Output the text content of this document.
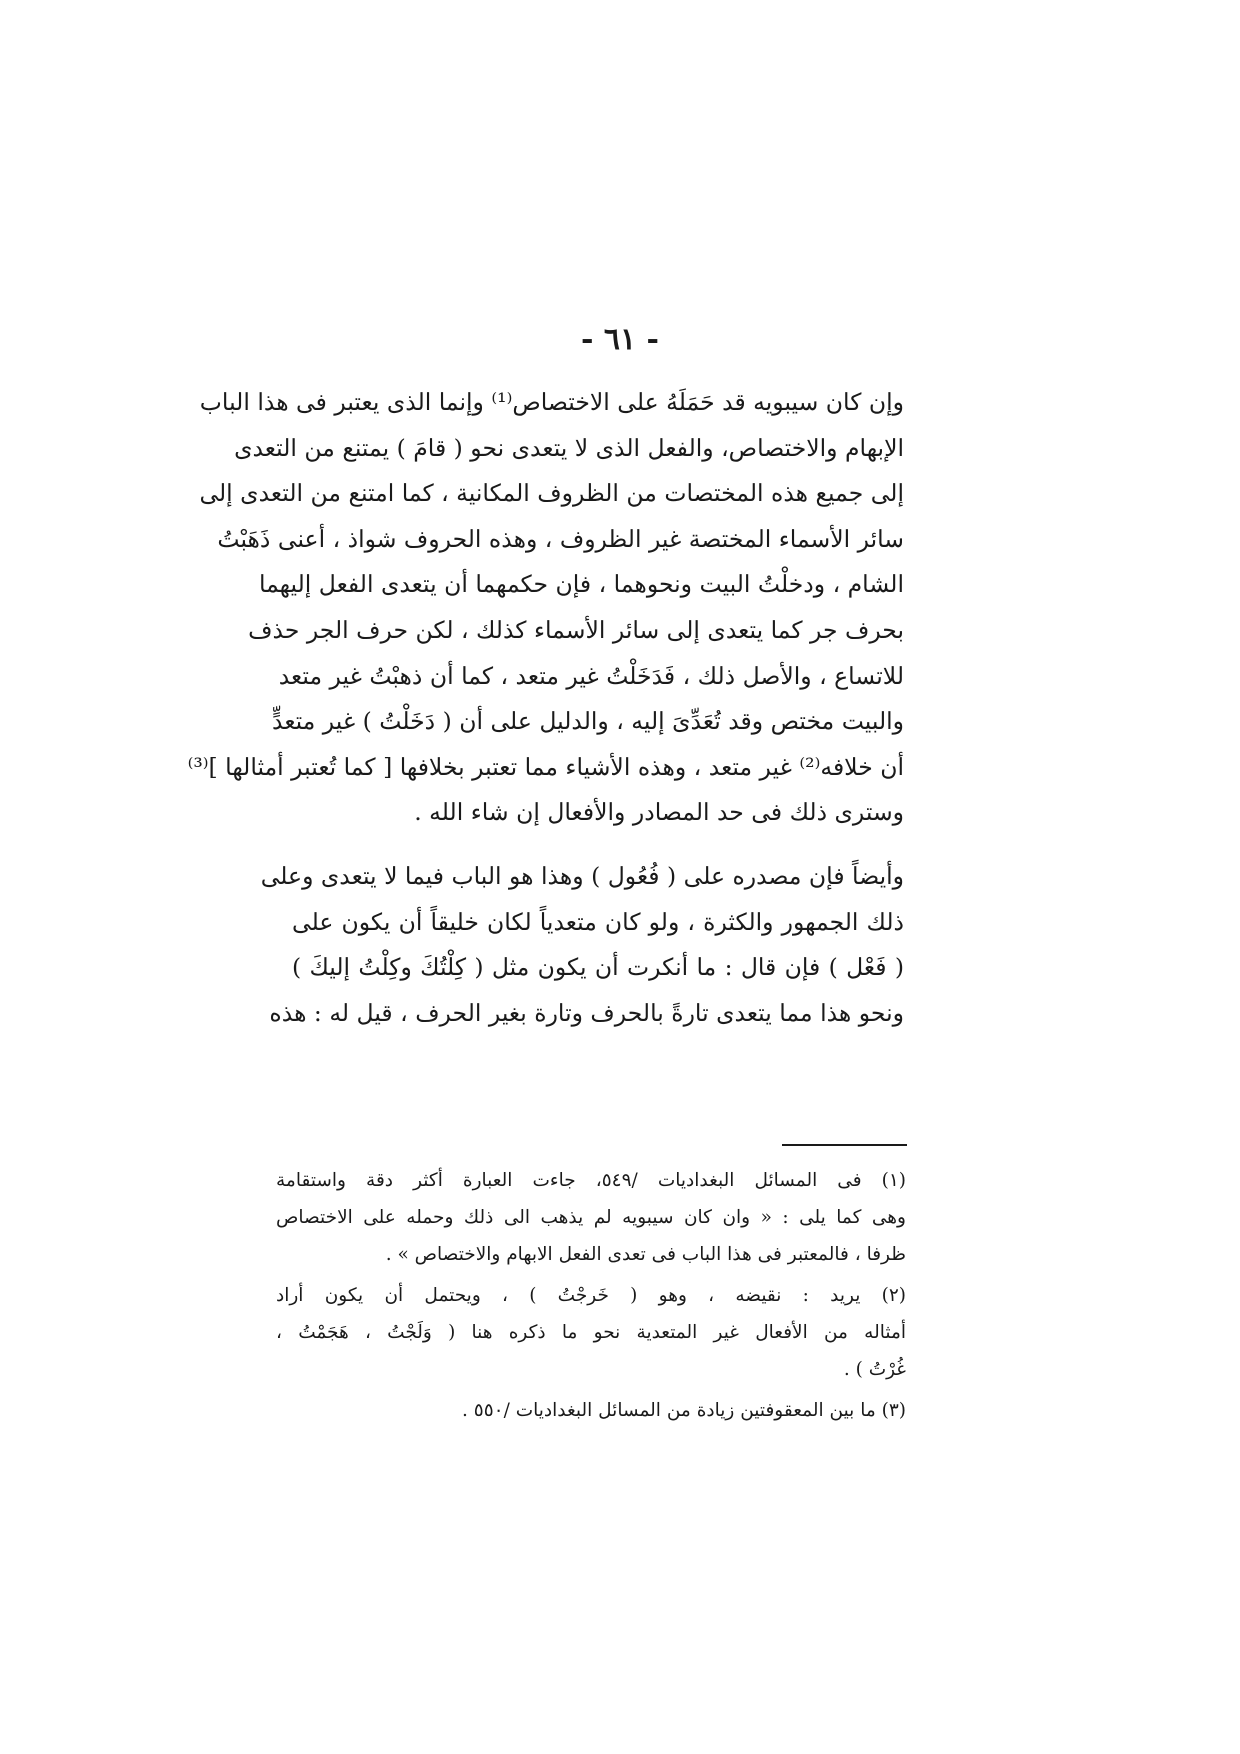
- ٦١ -
وإن كان سيبويه قد حَمَلَهُ على الاختصاص⁽¹⁾ وإنما الذى يعتبر فى هذا الباب
الإبهام والاختصاص، والفعل الذى لا يتعدى نحو ( قامَ ) يمتنع من التعدى
إلى جميع هذه المختصات من الظروف المكانية ، كما امتنع من التعدى إلى
سائر الأسماء المختصة غير الظروف ، وهذه الحروف شواذ ، أعنى ذَهَبْتُ
الشام ، ودخلْتُ البيت ونحوهما ، فإن حكمهما أن يتعدى الفعل إليهما
بحرف جر كما يتعدى إلى سائر الأسماء كذلك ، لكن حرف الجر حذف
للاتساع ، والأصل ذلك ، فَدَخَلْتُ غير متعد ، كما أن ذهبْتُ غير متعد
والبيت مختص وقد تُعَدِّىَ إليه ، والدليل على أن ( دَخَلْتُ ) غير متعدٍّ
أن خلافه⁽²⁾ غير متعد ، وهذه الأشياء مما تعتبر بخلافها [ كما تُعتبر أمثالها ]⁽³⁾
وسترى ذلك فى حد المصادر والأفعال إن شاء الله .
وأيضاً فإن مصدره على ( فُعُول ) وهذا هو الباب فيما لا يتعدى وعلى
ذلك الجمهور والكثرة ، ولو كان متعدياً لكان خليقاً أن يكون على
( فَعْل ) فإن قال : ما أنكرت أن يكون مثل ( كِلْتُكَ وكِلْتُ إليكَ )
ونحو هذا مما يتعدى تارةً بالحرف وتارة بغير الحرف ، قيل له : هذه
(١) فى المسائل البغداديات /٥٤٩، جاءت العبارة أكثر دقة واستقامة
وهى كما يلى : « وان كان سيبويه لم يذهب الى ذلك وحمله على الاختصاص
ظرفا ، فالمعتبر فى هذا الباب فى تعدى الفعل الابهام والاختصاص » .
(٢) يريد : نقيضه ، وهو ( خَرجْتُ ) ، ويحتمل أن يكون أراد
أمثاله من الأفعال غير المتعدية نحو ما ذكره هنا ( وَلَجْتُ ، هَجَمْتُ ،
غُرْتُ ) .
(٣) ما بين المعقوفتين زيادة من المسائل البغداديات /٥٥٠ .
